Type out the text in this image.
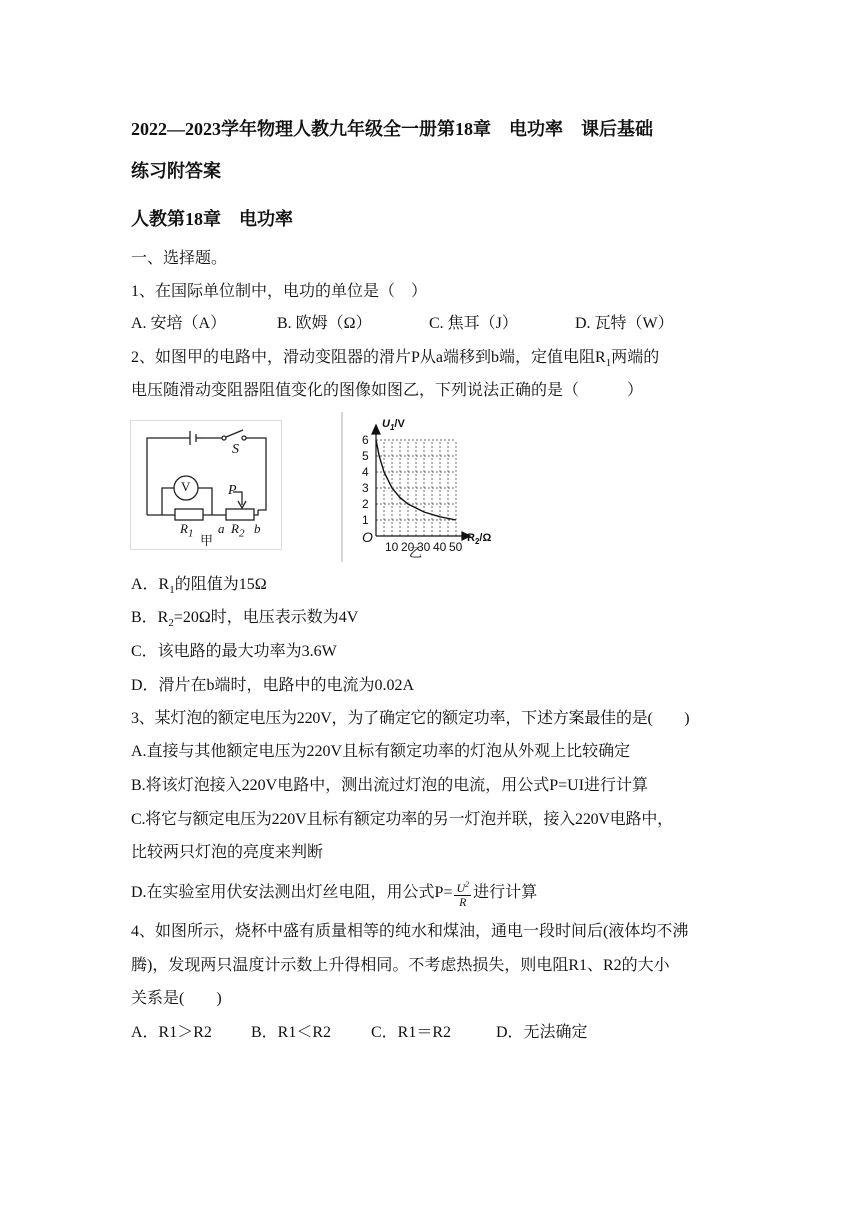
2022—2023学年物理人教九年级全一册第18章　电功率　课后基础
练习附答案
人教第18章　电功率
一、选择题。
1、在国际单位制中，电功的单位是（　）
A. 安培（A）	B. 欧姆（Ω）	C. 焦耳（J）	D. 瓦特（W）
2、如图甲的电路中，滑动变阻器的滑片P从a端移到b端，定值电阻$R_1$两端的
电压随滑动变阻器阻值变化的图像如图乙，下列说法正确的是（　　　）
S
V	P
$R_1$ a $R_2$ b
甲
1
2
3
4
5
6
10 20 30 40 50
$U_1/V$
$R_2/\Omega$
O
乙
A．$R_1$的阻值为15Ω
B．$R_2=20\Omega$时，电压表示数为4V
C．该电路的最大功率为3.6W
D．滑片在b端时，电路中的电流为0.02A
3、某灯泡的额定电压为220V，为了确定它的额定功率，下述方案最佳的是(　　)
A.直接与其他额定电压为220V且标有额定功率的灯泡从外观上比较确定
B.将该灯泡接入220V电路中，测出流过灯泡的电流，用公式P=UI进行计算
C.将它与额定电压为220V且标有额定功率的另一灯泡并联，接入220V电路中，
比较两只灯泡的亮度来判断
D.在实验室用伏安法测出灯丝电阻，用公式$P= \frac{U^2}{R}$ 进行计算
4、如图所示，烧杯中盛有质量相等的纯水和煤油，通电一段时间后(液体均不沸
腾)，发现两只温度计示数上升得相同。不考虑热损失，则电阻R1、R2的大小
关系是(　　)
A．R1＞R2 B．R1＜R2 C．R1＝R2	D．无法确定
